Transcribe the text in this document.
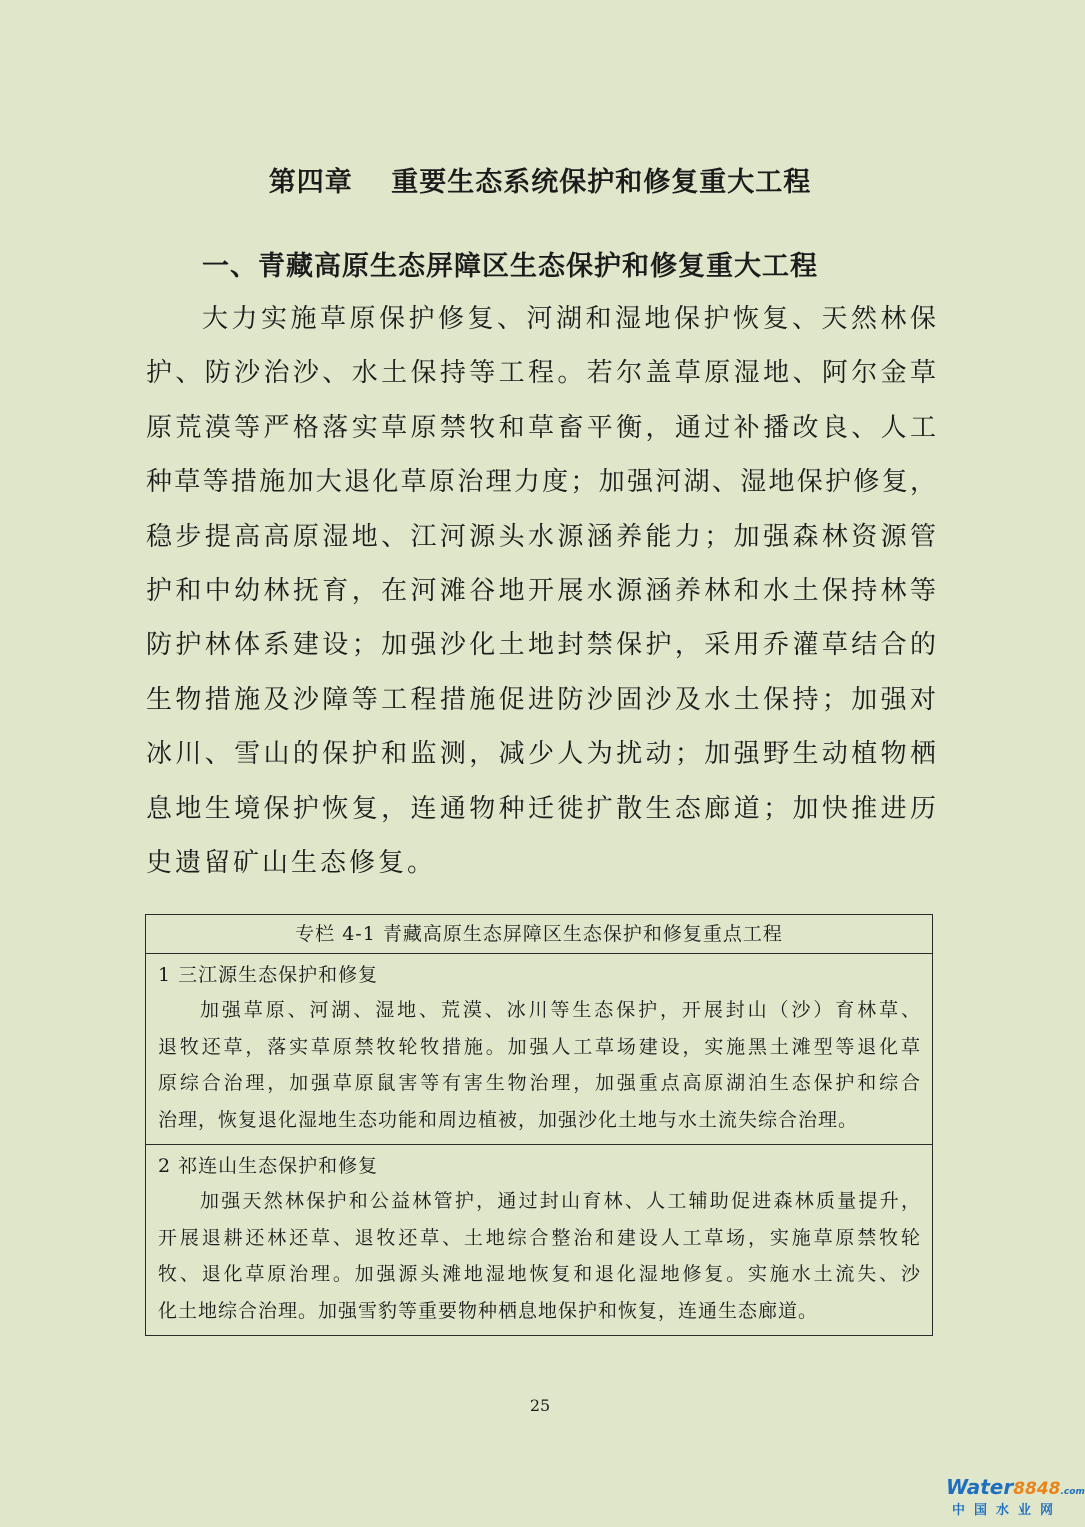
第四章　 重要生态系统保护和修复重大工程
一、青藏高原生态屏障区生态保护和修复重大工程
大力实施草原保护修复、河湖和湿地保护恢复、天然林保
护、防沙治沙、水土保持等工程。若尔盖草原湿地、阿尔金草
原荒漠等严格落实草原禁牧和草畜平衡，通过补播改良、人工
种草等措施加大退化草原治理力度；加强河湖、湿地保护修复，
稳步提高高原湿地、江河源头水源涵养能力；加强森林资源管
护和中幼林抚育，在河滩谷地开展水源涵养林和水土保持林等
防护林体系建设；加强沙化土地封禁保护，采用乔灌草结合的
生物措施及沙障等工程措施促进防沙固沙及水土保持；加强对
冰川、雪山的保护和监测，减少人为扰动；加强野生动植物栖
息地生境保护恢复，连通物种迁徙扩散生态廊道；加快推进历
史遗留矿山生态修复。
专栏 4-1 青藏高原生态屏障区生态保护和修复重点工程
1 三江源生态保护和修复
加强草原、河湖、湿地、荒漠、冰川等生态保护，开展封山（沙）育林草、
退牧还草，落实草原禁牧轮牧措施。加强人工草场建设，实施黑土滩型等退化草
原综合治理，加强草原鼠害等有害生物治理，加强重点高原湖泊生态保护和综合
治理，恢复退化湿地生态功能和周边植被，加强沙化土地与水土流失综合治理。
2 祁连山生态保护和修复
加强天然林保护和公益林管护，通过封山育林、人工辅助促进森林质量提升，
开展退耕还林还草、退牧还草、土地综合整治和建设人工草场，实施草原禁牧轮
牧、退化草原治理。加强源头滩地湿地恢复和退化湿地修复。实施水土流失、沙
化土地综合治理。加强雪豹等重要物种栖息地保护和恢复，连通生态廊道。
25
Water8848.com
中国水业网
